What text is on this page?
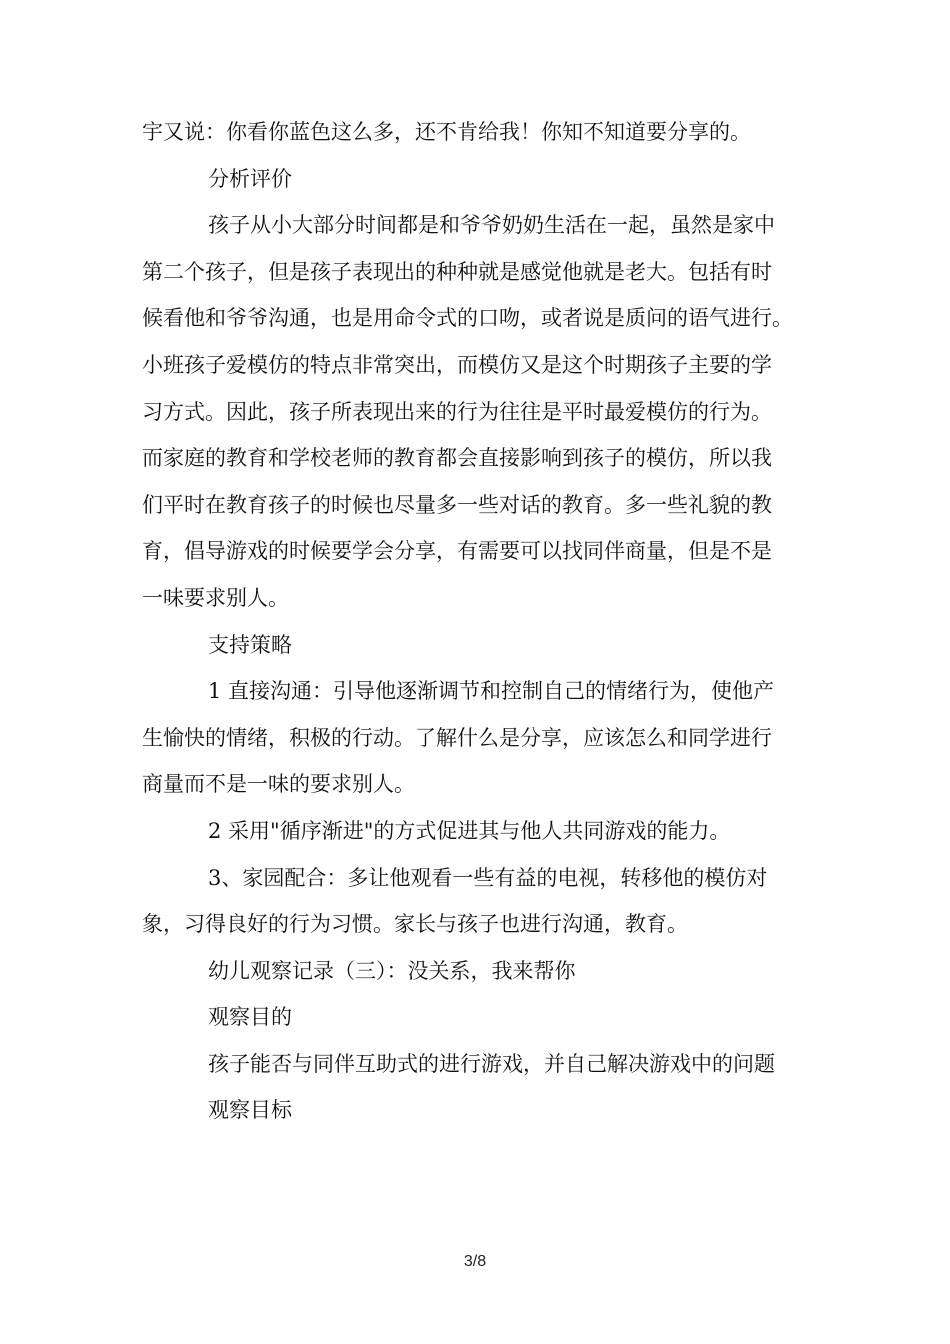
宇又说：你看你蓝色这么多，还不肯给我！你知不知道要分享的。
分析评价
孩子从小大部分时间都是和爷爷奶奶生活在一起，虽然是家中
第二个孩子，但是孩子表现出的种种就是感觉他就是老大。包括有时
候看他和爷爷沟通，也是用命令式的口吻，或者说是质问的语气进行。
小班孩子爱模仿的特点非常突出，而模仿又是这个时期孩子主要的学
习方式。因此，孩子所表现出来的行为往往是平时最爱模仿的行为。
而家庭的教育和学校老师的教育都会直接影响到孩子的模仿，所以我
们平时在教育孩子的时候也尽量多一些对话的教育。多一些礼貌的教
育，倡导游戏的时候要学会分享，有需要可以找同伴商量，但是不是
一味要求别人。
支持策略
1 直接沟通：引导他逐渐调节和控制自己的情绪行为，使他产
生愉快的情绪，积极的行动。了解什么是分享，应该怎么和同学进行
商量而不是一味的要求别人。
2 采用"循序渐进"的方式促进其与他人共同游戏的能力。
3、家园配合：多让他观看一些有益的电视，转移他的模仿对
象，习得良好的行为习惯。家长与孩子也进行沟通，教育。
幼儿观察记录（三）：没关系，我来帮你
观察目的
孩子能否与同伴互助式的进行游戏，并自己解决游戏中的问题
观察目标
3/8
